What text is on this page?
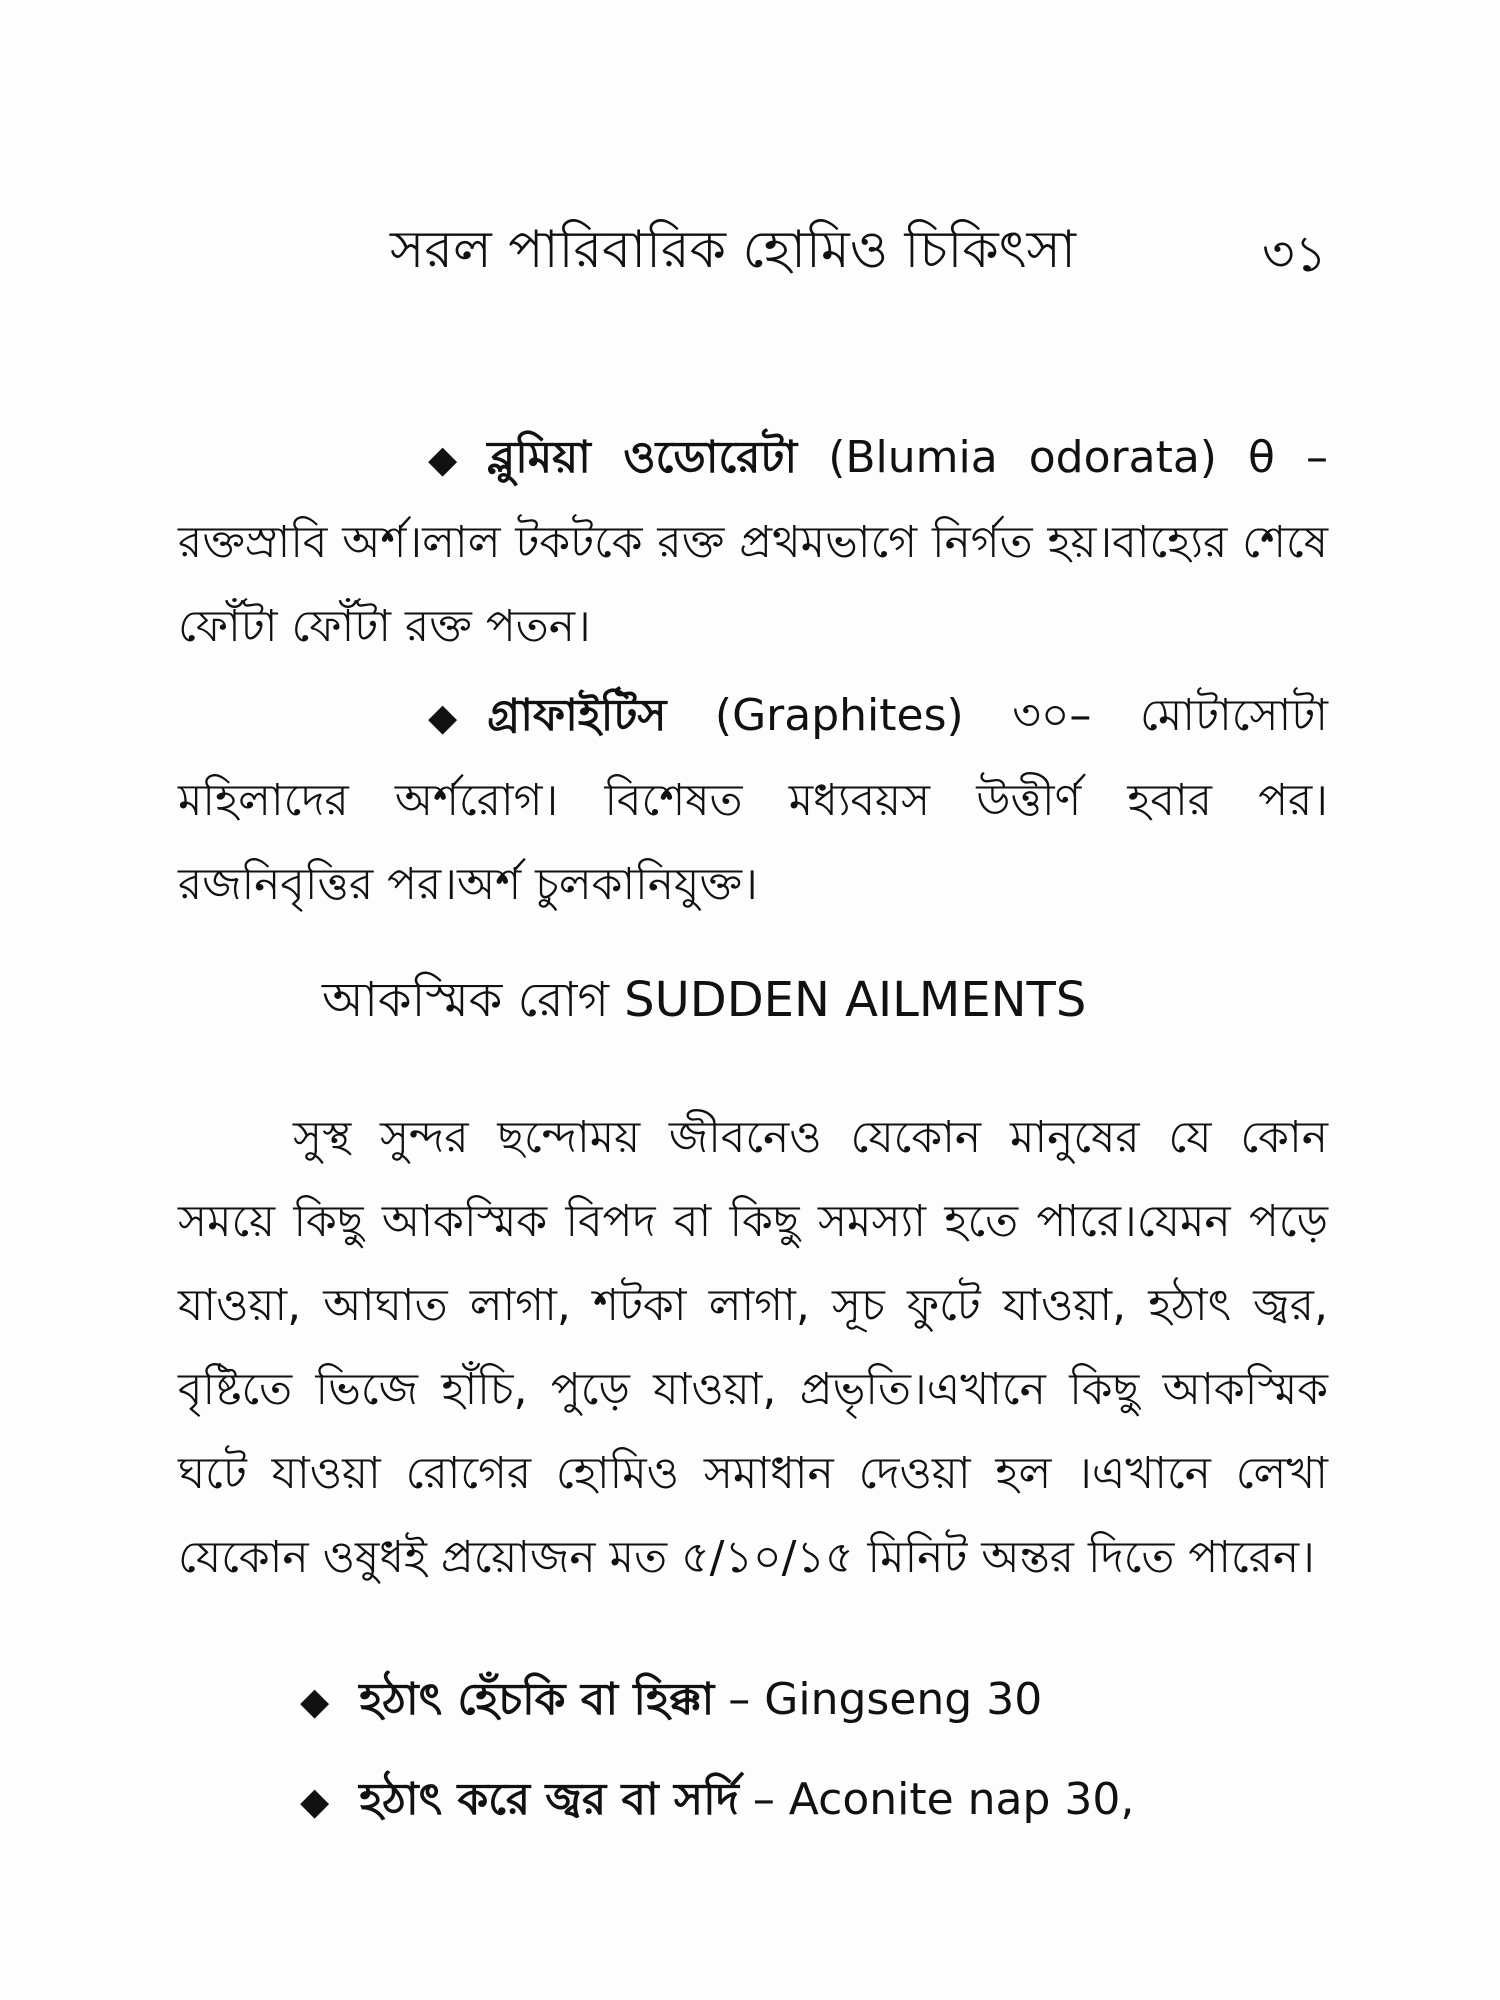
সরল পারিবারিক হোমিও চিকিৎসা	৩১

◆ ব্লুমিয়া ওডোরেটা (Blumia odorata) θ – রক্তস্রাবি অর্শ।লাল টকটকে রক্ত প্রথমভাগে নির্গত হয়।বাহ্যের শেষে ফোঁটা ফোঁটা রক্ত পতন।

◆ গ্রাফাইটিস (Graphites) ৩০– মোটাসোটা মহিলাদের অর্শরোগ। বিশেষত মধ্যবয়স উত্তীর্ণ হবার পর। রজনিবৃত্তির পর।অর্শ চুলকানিযুক্ত।

আকস্মিক রোগ SUDDEN AILMENTS

সুস্থ সুন্দর ছন্দোময় জীবনেও যেকোন মানুষের যে কোন সময়ে কিছু আকস্মিক বিপদ বা কিছু সমস্যা হতে পারে।যেমন পড়ে যাওয়া, আঘাত লাগা, শটকা লাগা, সূচ ফুটে যাওয়া, হঠাৎ জ্বর, বৃষ্টিতে ভিজে হাঁচি, পুড়ে যাওয়া, প্রভৃতি।এখানে কিছু আকস্মিক ঘটে যাওয়া রোগের হোমিও সমাধান দেওয়া হল ।এখানে লেখা যেকোন ওষুধই প্রয়োজন মত ৫/১০/১৫ মিনিট অন্তর দিতে পারেন।

◆ হঠাৎ হেঁচকি বা হিক্কা – Gingseng 30
◆ হঠাৎ করে জ্বর বা সর্দি – Aconite nap 30,
